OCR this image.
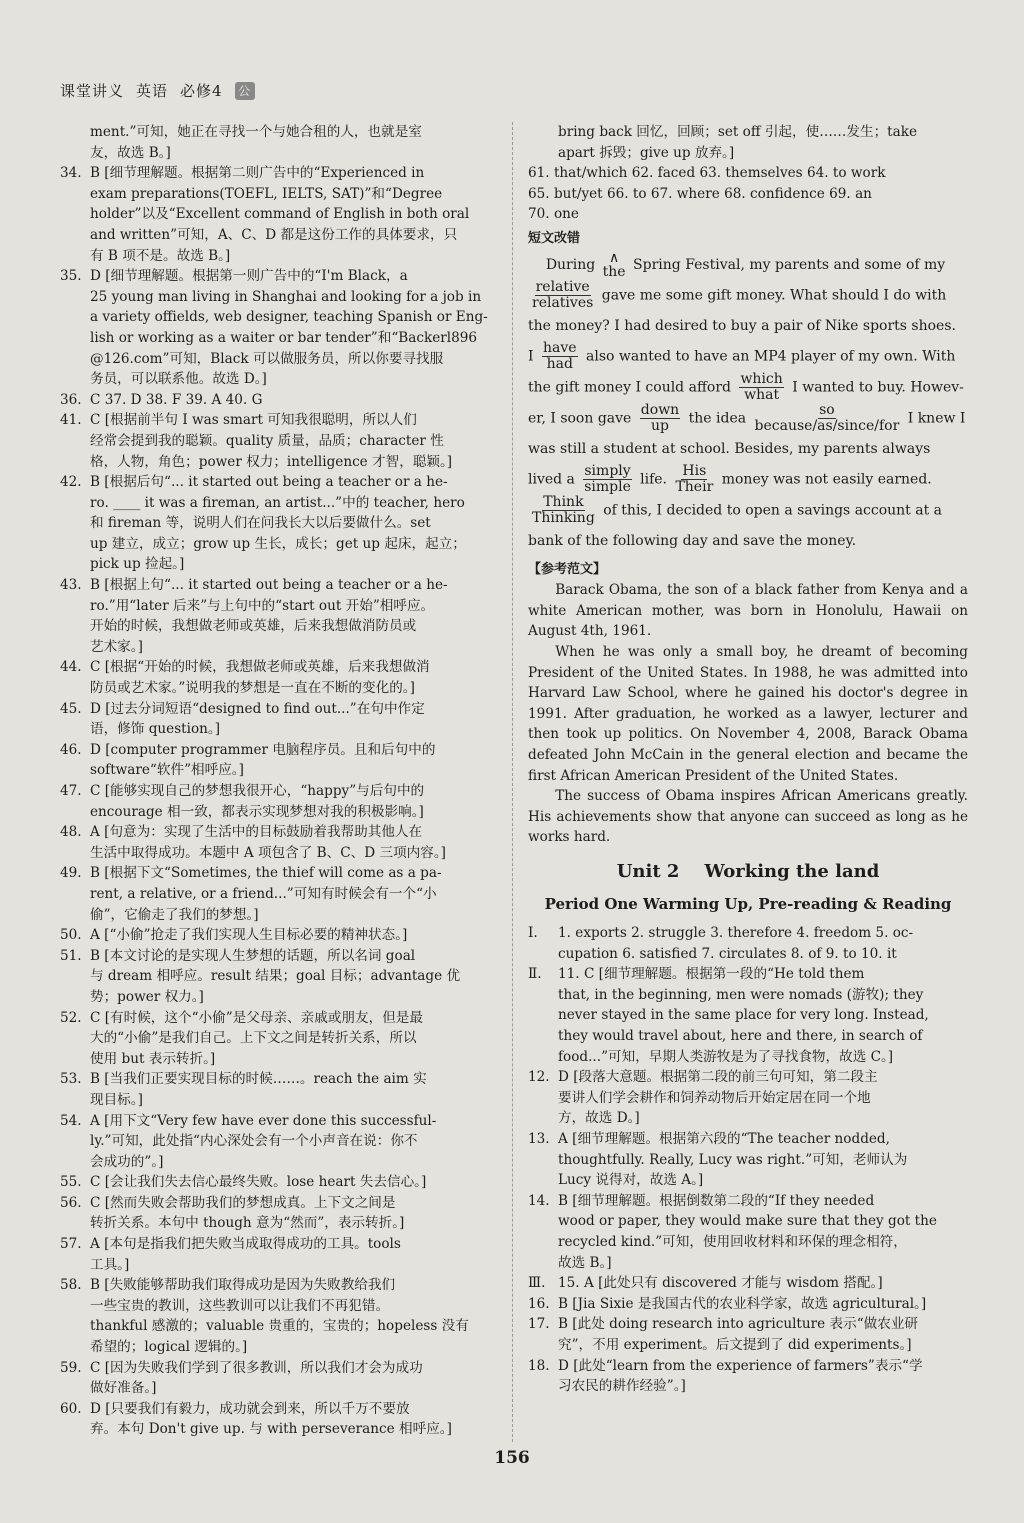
课堂讲义 英语 必修4 公
ment.”可知，她正在寻找一个与她合租的人，也就是室
友，故选 B。]
34. B [细节理解题。根据第二则广告中的“Experienced in
exam preparations(TOEFL, IELTS, SAT)”和“Degree
holder”以及“Excellent command of English in both oral
and written”可知，A、C、D 都是这份工作的具体要求，只
有 B 项不是。故选 B。]
35. D [细节理解题。根据第一则广告中的“I'm Black，a
25 young man living in Shanghai and looking for a job in
a variety offields, web designer, teaching Spanish or Eng-
lish or working as a waiter or bar tender”和“Backerl896
@126.com”可知，Black 可以做服务员，所以你要寻找服
务员，可以联系他。故选 D。]
36. C 37. D 38. F 39. A 40. G
41. C [根据前半句 I was smart 可知我很聪明，所以人们
经常会提到我的聪颖。quality 质量，品质；character 性
格，人物，角色；power 权力；intelligence 才智，聪颖。]
42. B [根据后句“... it started out being a teacher or a he-
ro. ____ it was a fireman, an artist...”中的 teacher, hero
和 fireman 等，说明人们在问我长大以后要做什么。set
up 建立，成立；grow up 生长，成长；get up 起床，起立；
pick up 捡起。]
43. B [根据上句“... it started out being a teacher or a he-
ro.”用“later 后来”与上句中的“start out 开始”相呼应。
开始的时候，我想做老师或英雄，后来我想做消防员或
艺术家。]
44. C [根据“开始的时候，我想做老师或英雄，后来我想做消
防员或艺术家。”说明我的梦想是一直在不断的变化的。]
45. D [过去分词短语“designed to find out...”在句中作定
语，修饰 question。]
46. D [computer programmer 电脑程序员。且和后句中的
software“软件”相呼应。]
47. C [能够实现自己的梦想我很开心，“happy”与后句中的
encourage 相一致，都表示实现梦想对我的积极影响。]
48. A [句意为：实现了生活中的目标鼓励着我帮助其他人在
生活中取得成功。本题中 A 项包含了 B、C、D 三项内容。]
49. B [根据下文“Sometimes, the thief will come as a pa-
rent, a relative, or a friend...”可知有时候会有一个“小
偷”，它偷走了我们的梦想。]
50. A [“小偷”抢走了我们实现人生目标必要的精神状态。]
51. B [本文讨论的是实现人生梦想的话题，所以名词 goal
与 dream 相呼应。result 结果；goal 目标；advantage 优
势；power 权力。]
52. C [有时候，这个“小偷”是父母亲、亲戚或朋友，但是最
大的“小偷”是我们自己。上下文之间是转折关系，所以
使用 but 表示转折。]
53. B [当我们正要实现目标的时候……。reach the aim 实
现目标。]
54. A [用下文“Very few have ever done this successful-
ly.”可知，此处指“内心深处会有一个小声音在说：你不
会成功的”。]
55. C [会让我们失去信心最终失败。lose heart 失去信心。]
56. C [然而失败会帮助我们的梦想成真。上下文之间是
转折关系。本句中 though 意为“然而”，表示转折。]
57. A [本句是指我们把失败当成取得成功的工具。tools
工具。]
58. B [失败能够帮助我们取得成功是因为失败教给我们
一些宝贵的教训，这些教训可以让我们不再犯错。
thankful 感激的；valuable 贵重的，宝贵的；hopeless 没有
希望的；logical 逻辑的。]
59. C [因为失败我们学到了很多教训，所以我们才会为成功
做好准备。]
60. D [只要我们有毅力，成功就会到来，所以千万不要放
弃。本句 Don't give up. 与 with perseverance 相呼应。]
bring back 回忆，回顾；set off 引起，使……发生；take
apart 拆毁；give up 放弃。]
61. that/which 62. faced 63. themselves 64. to work
65. but/yet 66. to 67. where 68. confidence 69. an
70. one
短文改错
During ∧
the Spring Festival, my parents and some of my
$\frac{\text{relative}}{\text{relatives}}$ gave me some gift money. What should I do with
the money? I had desired to buy a pair of Nike sports shoes.
I $\frac{\text{have}}{\text{had}}$ also wanted to have an MP4 player of my own. With
the gift money I could afford $\frac{\text{which}}{\text{what}}$ I wanted to buy. Howev-
er, I soon gave $\frac{\text{down}}{up}$ the idea $\frac{so}{\text{because/as/since/for}}$ I knew I
was still a student at school. Besides, my parents always
lived a $\frac{\text{simply}}{\text{simple}}$ life. $\frac{\text{His}}{\text{Their}}$ money was not easily earned.
$\frac{\text{Think}}{\text{Thinking}}$ of this, I decided to open a savings account at a
bank of the following day and save the money.
【参考范文】

Barack Obama, the son of a black father from Kenya and a white American mother, was born in Honolulu, Hawaii on August 4th, 1961.

When he was only a small boy, he dreamt of becoming President of the United States. In 1988, he was admitted into Harvard Law School, where he gained his doctor's degree in 1991. After graduation, he worked as a lawyer, lecturer and then took up politics. On November 4, 2008, Barack Obama defeated John McCain in the general election and became the first African American President of the United States.

The success of Obama inspires African Americans greatly. His achievements show that anyone can succeed as long as he works hard.

Unit 2    Working the land
Period One Warming Up, Pre-reading & Reading
Ⅰ.	1. exports 2. struggle 3. therefore 4. freedom 5. oc-
cupation 6. satisfied 7. circulates 8. of 9. to 10. it
Ⅱ.	11. C [细节理解题。根据第一段的“He told them
that, in the beginning, men were nomads (游牧); they
never stayed in the same place for very long. Instead,
they would travel about, here and there, in search of
food...”可知，早期人类游牧是为了寻找食物，故选 C。]
12. D [段落大意题。根据第二段的前三句可知，第二段主
要讲人们学会耕作和饲养动物后开始定居在同一个地
方，故选 D。]
13. A [细节理解题。根据第六段的“The teacher nodded,
thoughtfully. Really, Lucy was right.”可知，老师认为
Lucy 说得对，故选 A。]
14. B [细节理解题。根据倒数第二段的“If they needed
wood or paper, they would make sure that they got the
recycled kind.”可知，使用回收材料和环保的理念相符，
故选 B。]
Ⅲ. 15. A [此处只有 discovered 才能与 wisdom 搭配。]
16. B [Jia Sixie 是我国古代的农业科学家，故选 agricultural。]
17. B [此处 doing research into agriculture 表示“做农业研
究”，不用 experiment。后文提到了 did experiments。]
18. D [此处“learn from the experience of farmers”表示“学
习农民的耕作经验”。]
156
